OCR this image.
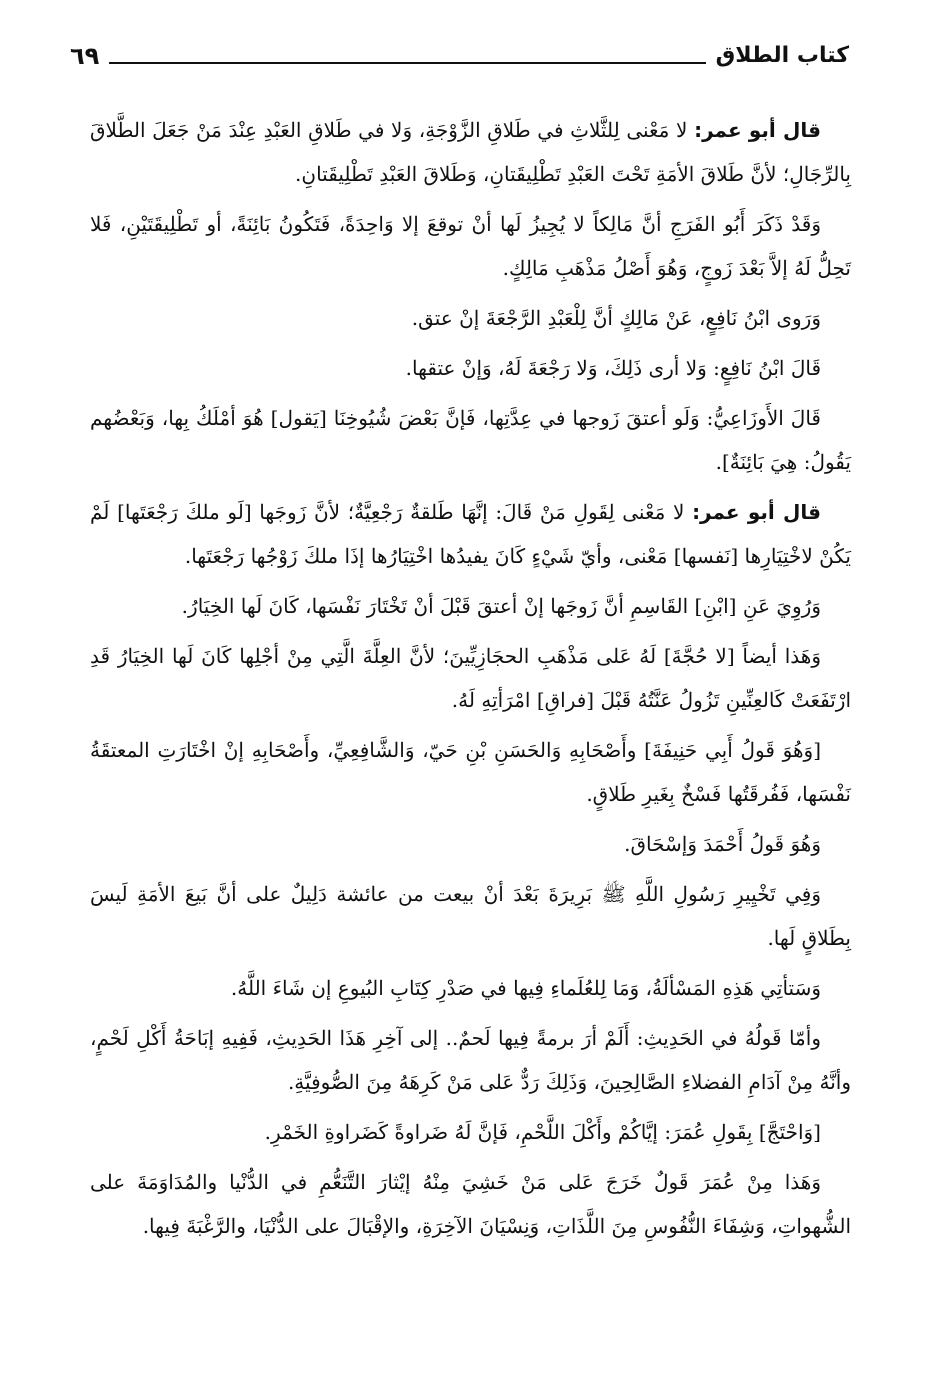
كتاب الطلاق
٦٩

قال أبو عمر: لا مَعْنى لِلثَّلاثِ في طَلاقِ الزَّوْجَةِ، وَلا في طَلاقِ العَبْدِ عِنْدَ مَنْ جَعَلَ الطَّلاقَ بِالرِّجَالِ؛ لأنَّ طَلاقَ الأمَةِ تَحْتَ العَبْدِ تَطْلِيقَتانِ، وَطَلاقَ العَبْدِ تَطْلِيقَتانِ.

وَقَدْ ذَكَرَ أَبُو الفَرَجِ أنَّ مَالِكاً لا يُجِيزُ لَها أنْ توقعَ إلا وَاحِدَةً، فَتَكُونُ بَائِنَةً، أو تَطْلِيقَتَيْنِ، فَلا تَحِلُّ لَهُ إلاَّ بَعْدَ زَوجٍ، وَهُوَ أَصْلُ مَذْهَبِ مَالِكٍ.

وَرَوى ابْنُ نَافِعٍ، عَنْ مَالِكٍ أنَّ لِلْعَبْدِ الرَّجْعَةَ إنْ عتق.

قَالَ ابْنُ نَافِعٍ: وَلا أرى ذَلِكَ، وَلا رَجْعَةَ لَهُ، وَإنْ عتقها.

قَالَ الأَوزَاعِيُّ: وَلَو أعتقَ زَوجها في عِدَّتِها، فَإنَّ بَعْضَ شُيُوخِنَا [يَقول] هُوَ أمْلَكُ بِها، وَبَعْضُهم يَقُولُ: هِيَ بَائِنَةٌ].

قال أبو عمر: لا مَعْنى لِقَولِ مَنْ قَالَ: إنَّهَا طَلقةٌ رَجْعِيَّةٌ؛ لأنَّ زَوجَها [لَو ملكَ رَجْعَتَها] لَمْ يَكُنْ لاخْتِيَارِها [نَفسها] مَعْنى، وأيّ شَيْءٍ كَانَ يفيدُها اخْتِيَارُها إذَا ملكَ زَوْجُها رَجْعَتَها.

وَرُوِيَ عَنِ [ابْنِ] القَاسِمِ أنَّ زَوجَها إنْ أعتقَ قَبْلَ أنْ تَخْتَارَ نَفْسَها، كَانَ لَها الخِيَارُ.

وَهَذا أيضاً [لا حُجَّةَ] لَهُ عَلى مَذْهَبِ الحجَازِيِّينَ؛ لأنَّ العِلَّةَ الَّتِي مِنْ أجْلِها كَانَ لَها الخِيَارُ قَدِ ارْتَفَعَتْ كَالعِنِّينِ تَزُولُ عَنَّتُهُ قَبْلَ [فراقِ] امْرَأتِهِ لَهُ.

[وَهُوَ قَولُ أَبِي حَنِيفَةَ] وأَصْحَابِهِ وَالحَسَنِ بْنِ حَيّ، وَالشَّافِعِيِّ، وأَصْحَابِهِ إنْ اخْتَارَتِ المعتقَةُ نَفْسَها، فَفُرقَتُها فَسْخٌ بِغَيرِ طَلاقٍ.

وَهُوَ قَولُ أَحْمَدَ وَإسْحَاقَ.

وَفِي تَخْيِيرِ رَسُولِ اللَّهِ ﷺ بَرِيرَةَ بَعْدَ أنْ بيعت من عائشة دَلِيلٌ على أنَّ بَيعَ الأمَةِ لَيسَ بِطَلاقٍ لَها.

وَسَتأتِي هَذِهِ المَسْألَةُ، وَمَا لِلعُلَماءِ فِيها في صَدْرِ كِتَابِ البُيوعِ إن شَاءَ اللَّهُ.

وأمّا قَولُهُ في الحَدِيثِ: أَلَمْ أرَ برمةً فِيها لَحمٌ.. إلى آخِرِ هَذَا الحَدِيثِ، فَفِيهِ إبَاحَةُ أَكْلِ لَحْمٍ، وأنَّهُ مِنْ آدَامِ الفضلاءِ الصَّالِحِينَ، وَذَلِكَ رَدٌّ عَلى مَنْ كَرِهَهُ مِنَ الصُّوفِيَّةِ.

[وَاحْتَجَّ] بِقَولِ عُمَرَ: إيَّاكُمْ وأَكْلَ اللَّحْمِ، فَإنَّ لَهُ ضَراوةً كَضَراوةِ الخَمْرِ.

وَهَذا مِنْ عُمَرَ قَولٌ خَرَجَ عَلى مَنْ خَشِيَ مِنْهُ إيْثارَ التَّنَعُّمِ في الدُّنْيا والمُدَاوَمَةَ على الشُّهواتِ، وَشِفَاءَ النُّفُوسِ مِنَ اللَّذَاتِ، وَنِسْيَانَ الآخِرَةِ، والإقْبَالَ على الدُّنْيَا، والرَّغْبَةَ فِيها.
